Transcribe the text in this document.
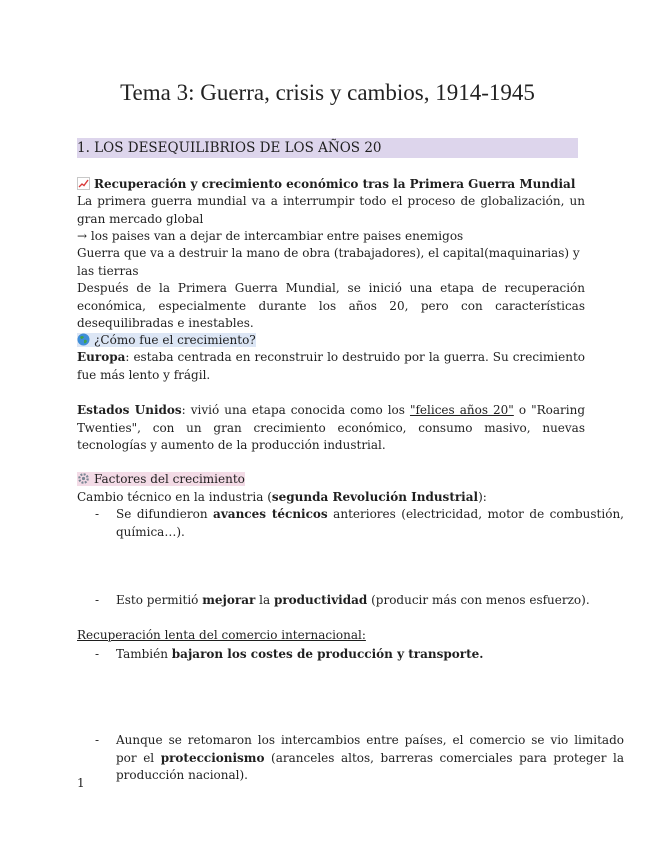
Tema 3: Guerra, crisis y cambios, 1914-1945
1. LOS DESEQUILIBRIOS DE LOS AÑOS 20
Recuperación y crecimiento económico tras la Primera Guerra Mundial
La primera guerra mundial va a interrumpir todo el proceso de globalización, un gran mercado global
→ los paises van a dejar de intercambiar entre paises enemigos
Guerra que va a destruir la mano de obra (trabajadores), el capital(maquinarias) y las tierras
Después de la Primera Guerra Mundial, se inició una etapa de recuperación económica, especialmente durante los años 20, pero con características desequilibradas e inestables.
¿Cómo fue el crecimiento?
Europa: estaba centrada en reconstruir lo destruido por la guerra. Su crecimiento fue más lento y frágil.
Estados Unidos: vivió una etapa conocida como los "felices años 20" o "Roaring Twenties", con un gran crecimiento económico, consumo masivo, nuevas tecnologías y aumento de la producción industrial.
Factores del crecimiento
Cambio técnico en la industria (segunda Revolución Industrial):
- Se difundieron avances técnicos anteriores (electricidad, motor de combustión, química…).
- Esto permitió mejorar la productividad (producir más con menos esfuerzo).
- También bajaron los costes de producción y transporte.
Recuperación lenta del comercio internacional:
- Aunque se retomaron los intercambios entre países, el comercio se vio limitado por el proteccionismo (aranceles altos, barreras comerciales para proteger la producción nacional).
1
